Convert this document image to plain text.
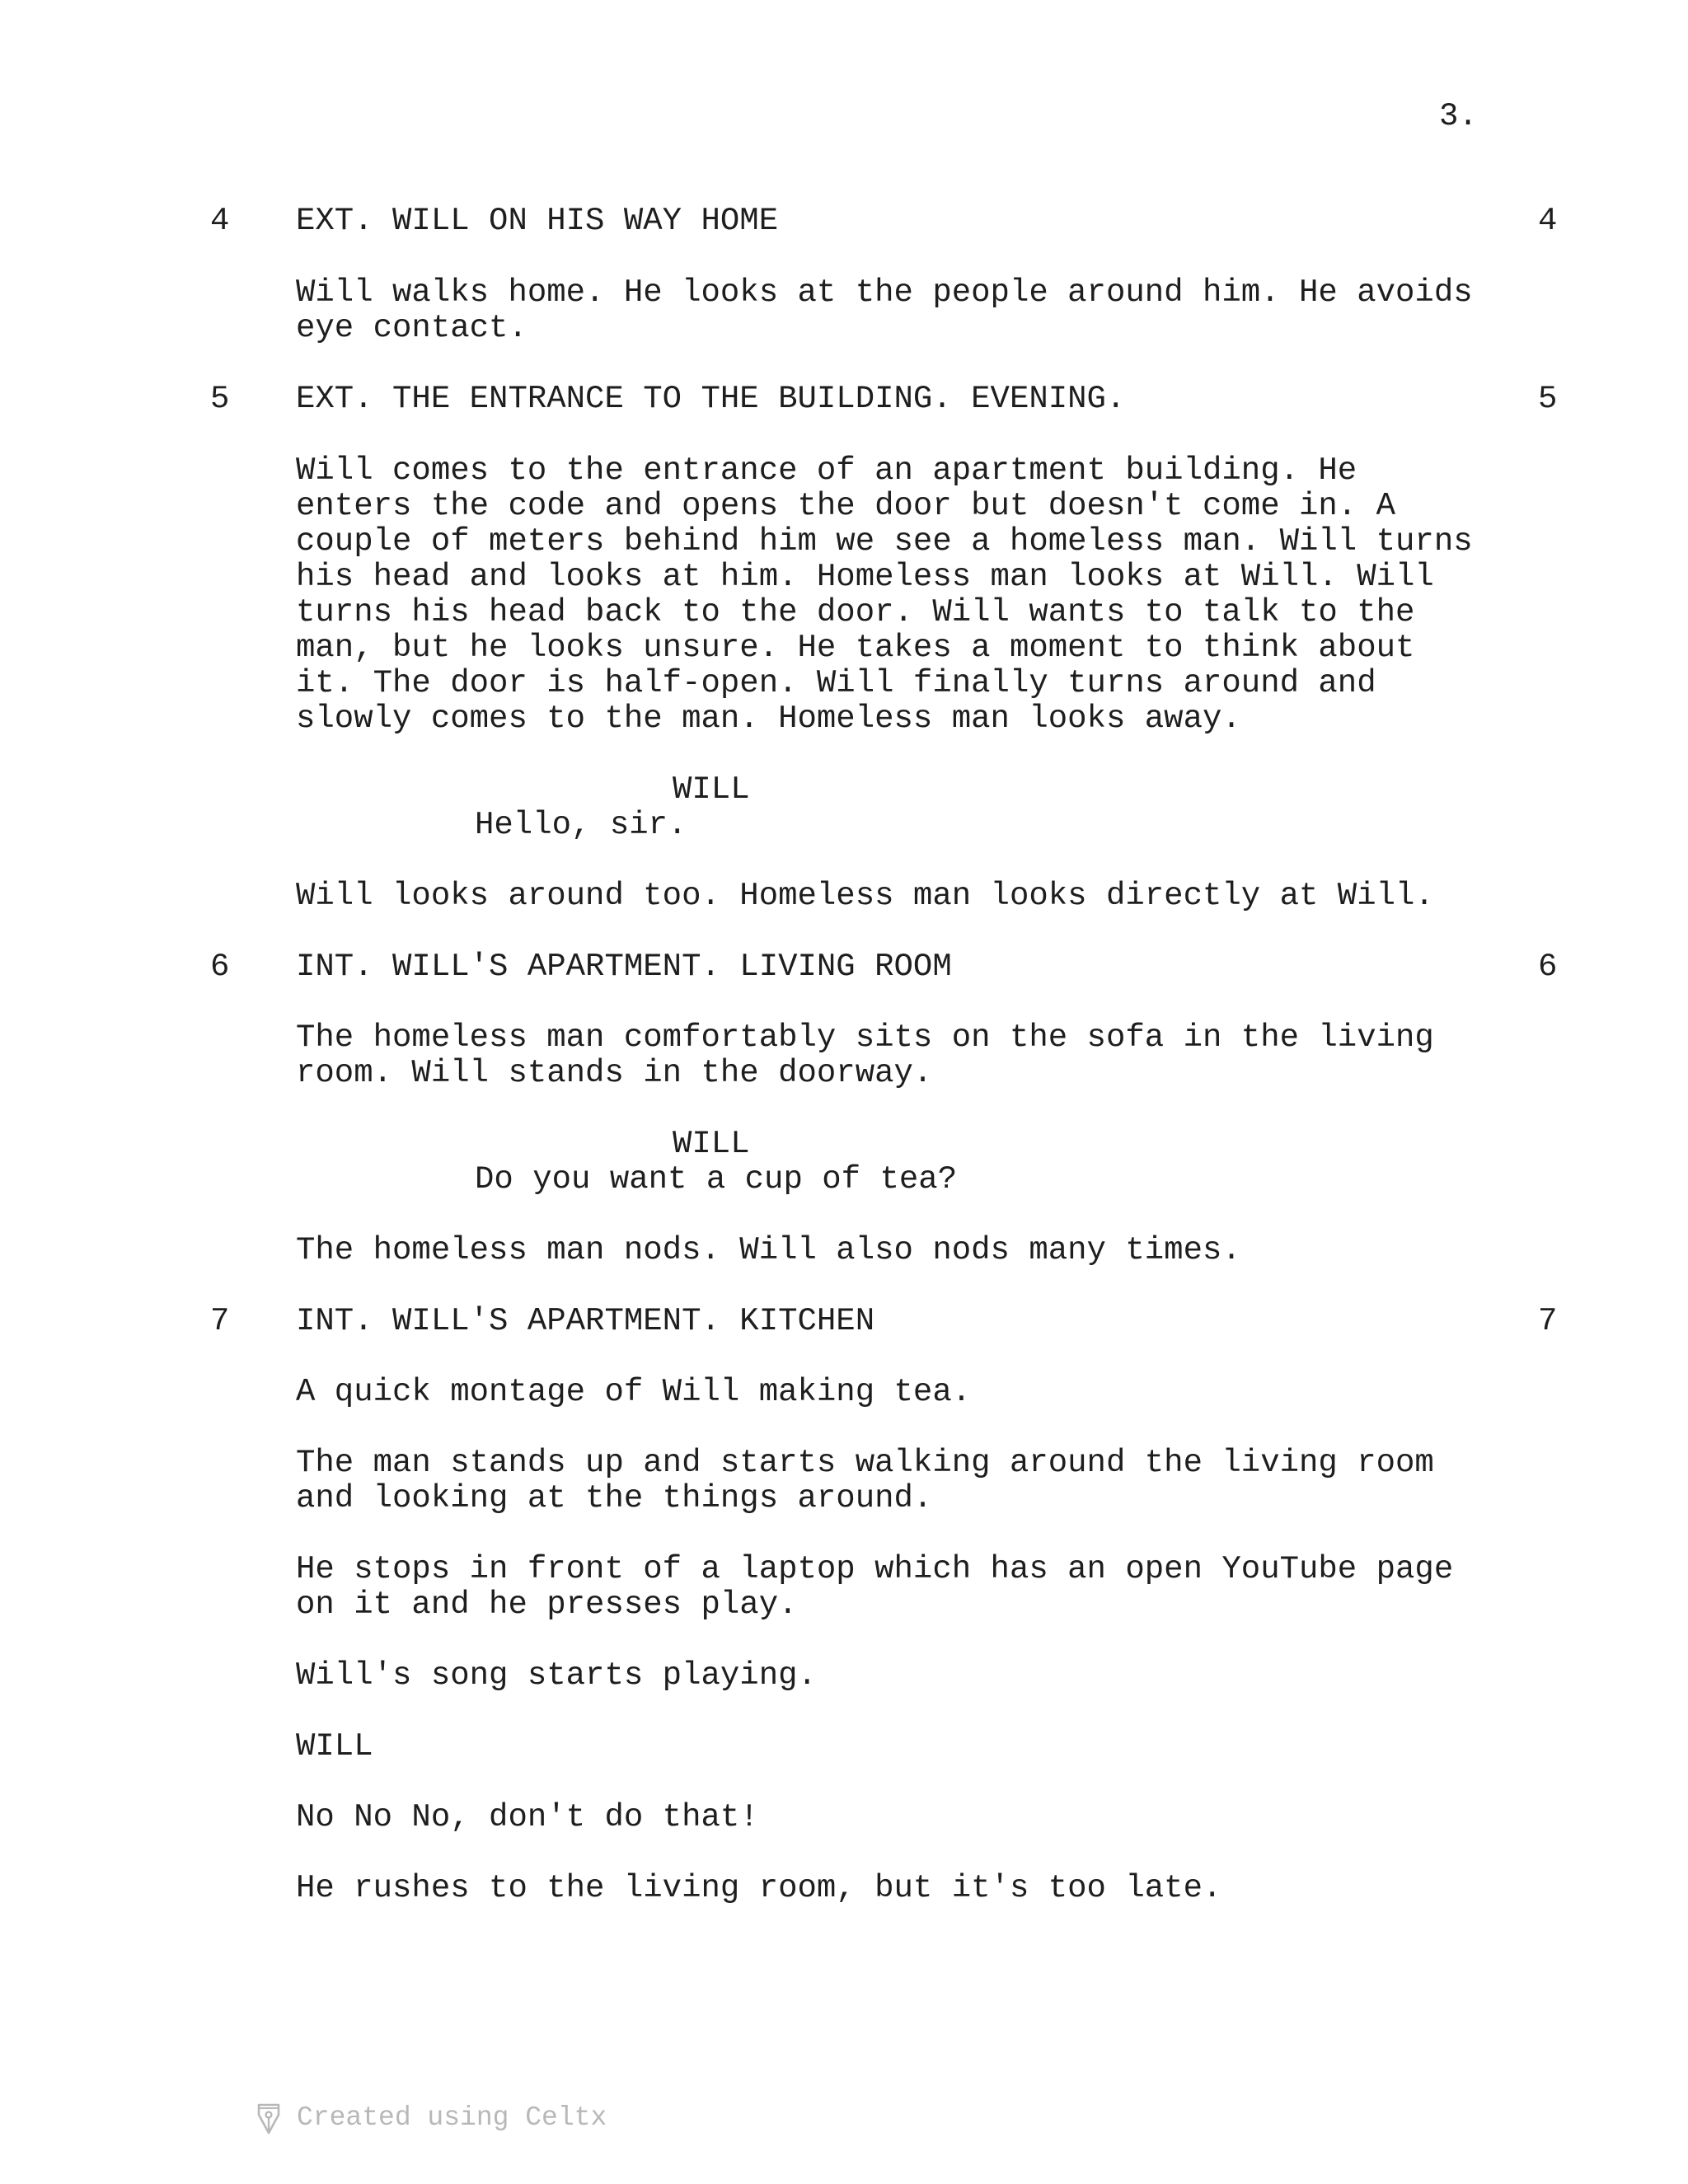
3.
4 EXT. WILL ON HIS WAY HOME	4
Will walks home. He looks at the people around him. He avoids
eye contact.
5 EXT. THE ENTRANCE TO THE BUILDING. EVENING.	5
Will comes to the entrance of an apartment building. He
enters the code and opens the door but doesn't come in. A
couple of meters behind him we see a homeless man. Will turns
his head and looks at him. Homeless man looks at Will. Will
turns his head back to the door. Will wants to talk to the
man, but he looks unsure. He takes a moment to think about
it. The door is half-open. Will finally turns around and
slowly comes to the man. Homeless man looks away.
WILL
Hello, sir.
Will looks around too. Homeless man looks directly at Will.
6 INT. WILL'S APARTMENT. LIVING ROOM	6
The homeless man comfortably sits on the sofa in the living
room. Will stands in the doorway.
WILL
Do you want a cup of tea?
The homeless man nods. Will also nods many times.
7 INT. WILL'S APARTMENT. KITCHEN	7
A quick montage of Will making tea.
The man stands up and starts walking around the living room
and looking at the things around.
He stops in front of a laptop which has an open YouTube page
on it and he presses play.
Will's song starts playing.
WILL
No No No, don't do that!
He rushes to the living room, but it's too late.
Created using Celtx
